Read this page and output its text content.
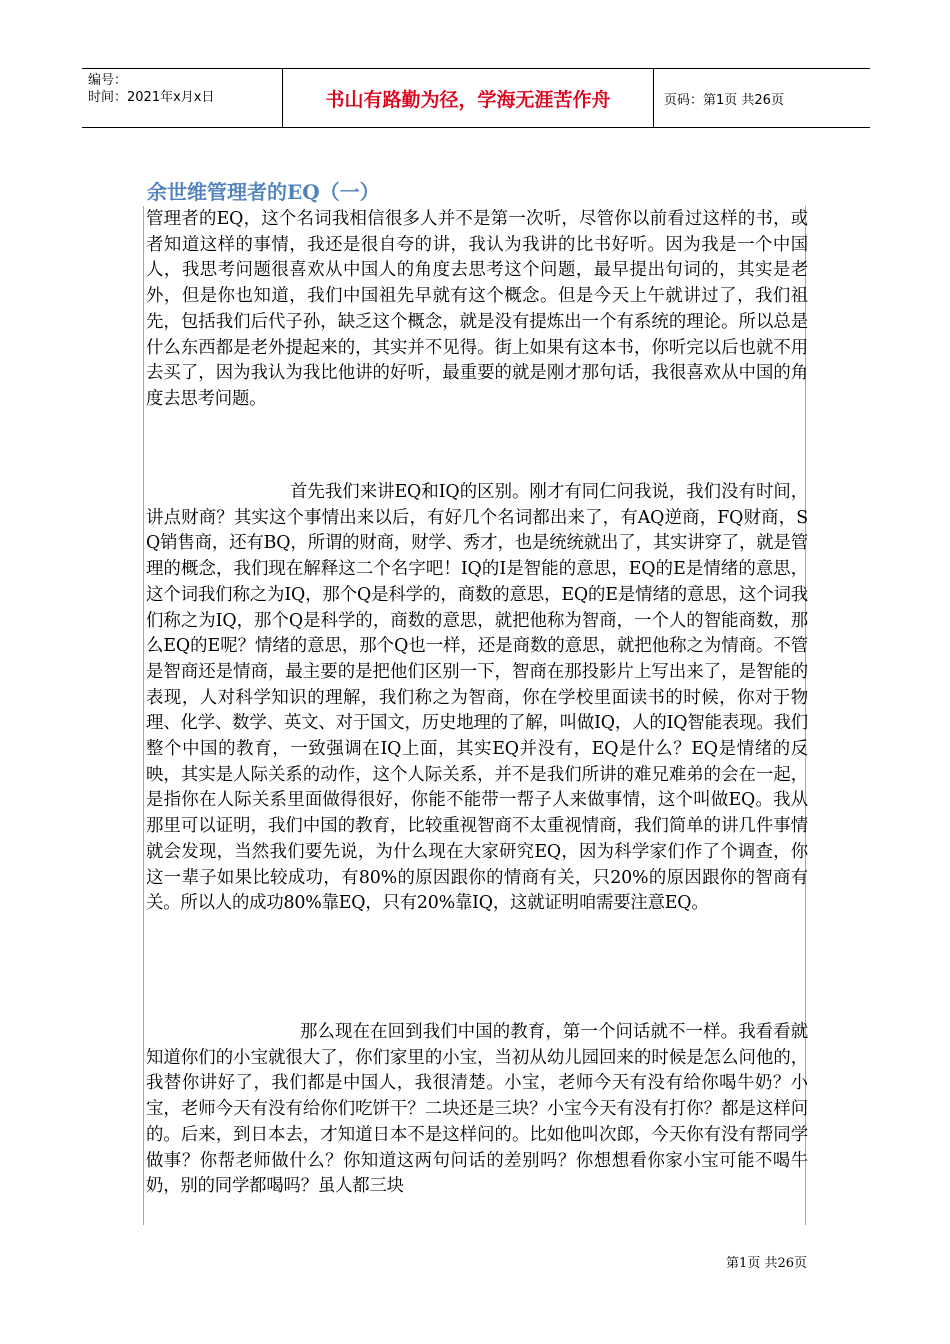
编号：
时间：2021年x月x日	书山有路勤为径，学海无涯苦作舟	页码：第1页 共26页
余世维管理者的EQ（一）

管理者的EQ，这个名词我相信很多人并不是第一次听，尽管你以前看过这样的书，或者知道这样的事情，我还是很自夸的讲，我认为我讲的比书好听。因为我是一个中国人，我思考问题很喜欢从中国人的角度去思考这个问题，最早提出句词的，其实是老外，但是你也知道，我们中国祖先早就有这个概念。但是今天上午就讲过了，我们祖先，包括我们后代子孙，缺乏这个概念，就是没有提炼出一个有系统的理论。所以总是什么东西都是老外提起来的，其实并不见得。街上如果有这本书，你听完以后也就不用去买了，因为我认为我比他讲的好听，最重要的就是刚才那句话，我很喜欢从中国的角度去思考问题。

首先我们来讲EQ和IQ的区别。刚才有同仁问我说，我们没有时间，讲点财商？其实这个事情出来以后，有好几个名词都出来了，有AQ逆商，FQ财商，SQ销售商，还有BQ，所谓的财商，财学、秀才，也是统统就出了，其实讲穿了，就是管理的概念，我们现在解释这二个名字吧！IQ的I是智能的意思，EQ的E是情绪的意思，这个词我们称之为IQ，那个Q是科学的，商数的意思，EQ的E是情绪的意思，这个词我们称之为IQ，那个Q是科学的，商数的意思，就把他称为智商，一个人的智能商数，那么EQ的E呢？情绪的意思，那个Q也一样，还是商数的意思，就把他称之为情商。不管是智商还是情商，最主要的是把他们区别一下，智商在那投影片上写出来了，是智能的表现，人对科学知识的理解，我们称之为智商，你在学校里面读书的时候，你对于物理、化学、数学、英文、对于国文，历史地理的了解，叫做IQ，人的IQ智能表现。我们整个中国的教育，一致强调在IQ上面，其实EQ并没有，EQ是什么？EQ是情绪的反映，其实是人际关系的动作，这个人际关系，并不是我们所讲的难兄难弟的会在一起，是指你在人际关系里面做得很好，你能不能带一帮子人来做事情，这个叫做EQ。我从那里可以证明，我们中国的教育，比较重视智商不太重视情商，我们简单的讲几件事情就会发现，当然我们要先说，为什么现在大家研究EQ，因为科学家们作了个调查，你这一辈子如果比较成功，有80%的原因跟你的情商有关，只20%的原因跟你的智商有关。所以人的成功80%靠EQ，只有20%靠IQ，这就证明咱需要注意EQ。

那么现在在回到我们中国的教育，第一个问话就不一样。我看看就知道你们的小宝就很大了，你们家里的小宝，当初从幼儿园回来的时候是怎么问他的，我替你讲好了，我们都是中国人，我很清楚。小宝，老师今天有没有给你喝牛奶？小宝，老师今天有没有给你们吃饼干？二块还是三块？小宝今天有没有打你？都是这样问的。后来，到日本去，才知道日本不是这样问的。比如他叫次郎，今天你有没有帮同学做事？你帮老师做什么？你知道这两句问话的差别吗？你想想看你家小宝可能不喝牛奶，别的同学都喝吗？虽人都三块

第1页 共26页
